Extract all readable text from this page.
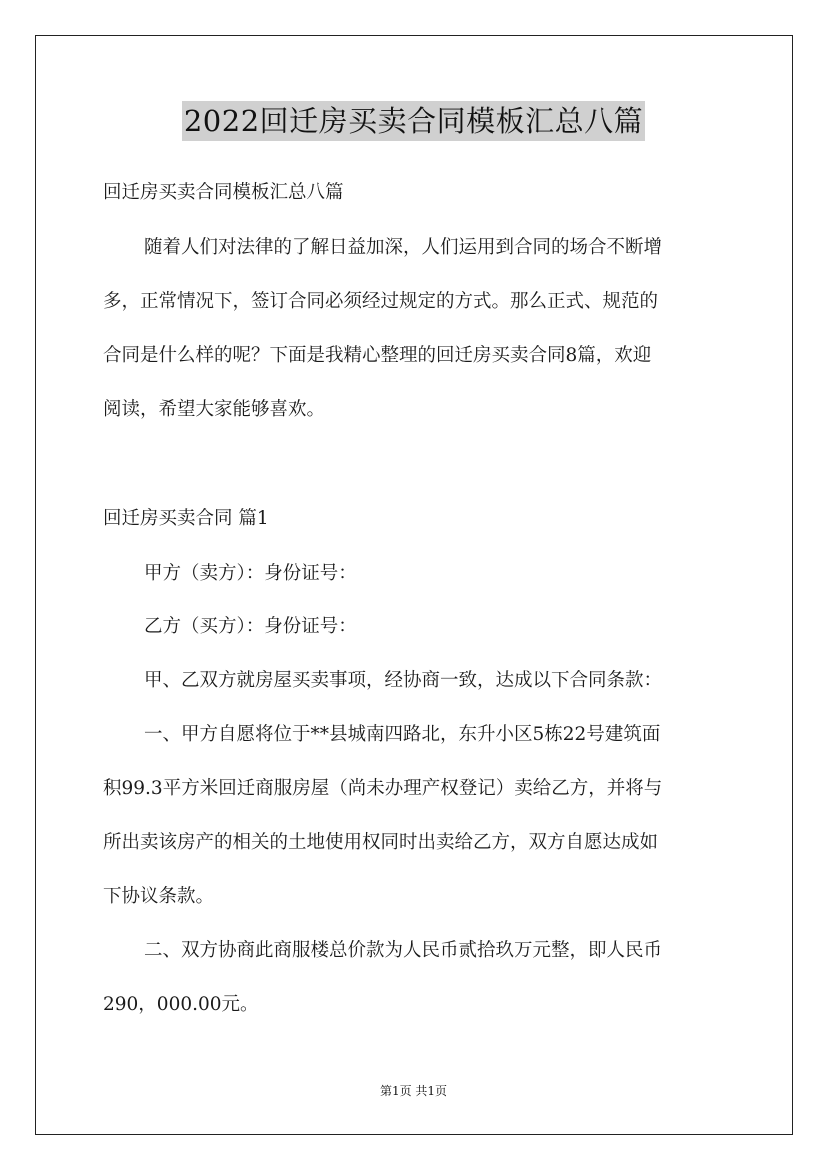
2022回迁房买卖合同模板汇总八篇
回迁房买卖合同模板汇总八篇
随着人们对法律的了解日益加深，人们运用到合同的场合不断增
多，正常情况下，签订合同必须经过规定的方式。那么正式、规范的
合同是什么样的呢？下面是我精心整理的回迁房买卖合同8篇，欢迎
阅读，希望大家能够喜欢。
回迁房买卖合同 篇1
甲方（卖方）：身份证号：
乙方（买方）：身份证号：
甲、乙双方就房屋买卖事项，经协商一致，达成以下合同条款：
一、甲方自愿将位于**县城南四路北，东升小区5栋22号建筑面
积99.3平方米回迁商服房屋（尚未办理产权登记）卖给乙方，并将与
所出卖该房产的相关的土地使用权同时出卖给乙方，双方自愿达成如
下协议条款。
二、双方协商此商服楼总价款为人民币贰拾玖万元整，即人民币
290，000.00元。
第1页 共1页
